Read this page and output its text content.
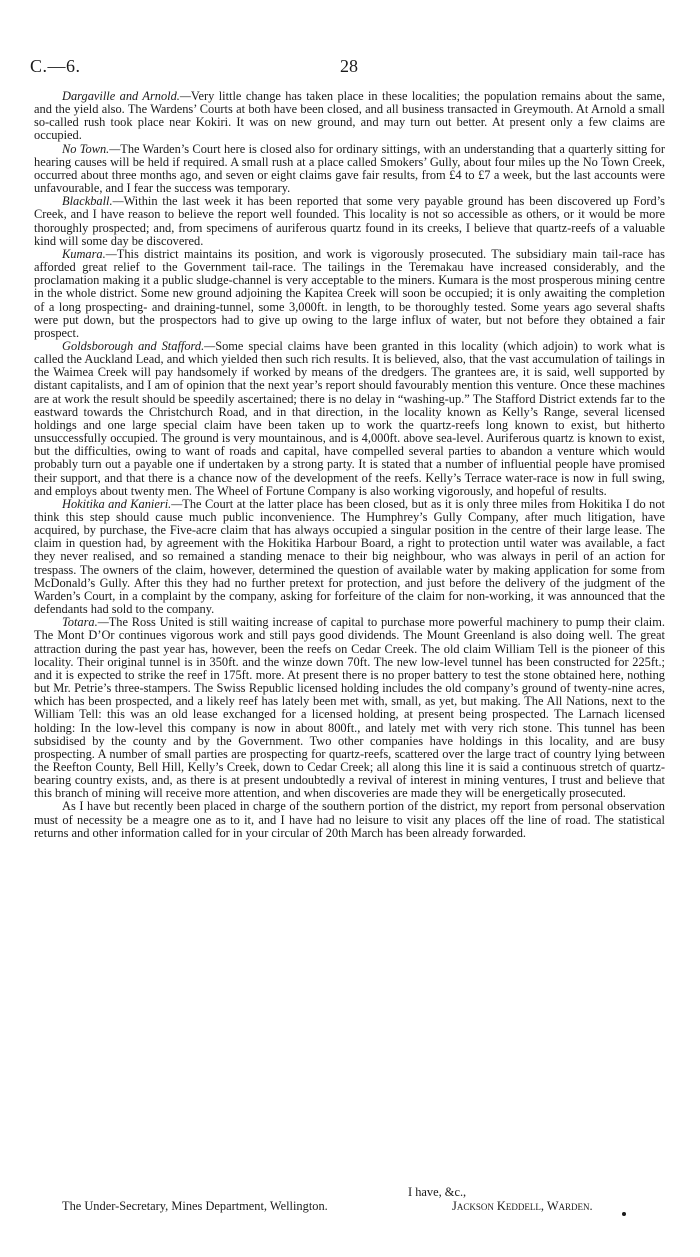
C.—6.	28

Dargaville and Arnold.—Very little change has taken place in these localities; the population remains about the same, and the yield also. The Wardens’ Courts at both have been closed, and all business transacted in Greymouth. At Arnold a small so-called rush took place near Kokiri. It was on new ground, and may turn out better. At present only a few claims are occupied.

No Town.—The Warden’s Court here is closed also for ordinary sittings, with an understanding that a quarterly sitting for hearing causes will be held if required. A small rush at a place called Smokers’ Gully, about four miles up the No Town Creek, occurred about three months ago, and seven or eight claims gave fair results, from £4 to £7 a week, but the last accounts were unfavourable, and I fear the success was temporary.

Blackball.—Within the last week it has been reported that some very payable ground has been discovered up Ford’s Creek, and I have reason to believe the report well founded. This locality is not so accessible as others, or it would be more thoroughly prospected; and, from specimens of auriferous quartz found in its creeks, I believe that quartz-reefs of a valuable kind will some day be discovered.

Kumara.—This district maintains its position, and work is vigorously prosecuted. The subsidiary main tail-race has afforded great relief to the Government tail-race. The tailings in the Teremakau have increased considerably, and the proclamation making it a public sludge-channel is very acceptable to the miners. Kumara is the most prosperous mining centre in the whole district. Some new ground adjoining the Kapitea Creek will soon be occupied; it is only awaiting the completion of a long prospecting- and draining-tunnel, some 3,000ft. in length, to be thoroughly tested. Some years ago several shafts were put down, but the prospectors had to give up owing to the large influx of water, but not before they obtained a fair prospect.

Goldsborough and Stafford.—Some special claims have been granted in this locality (which adjoin) to work what is called the Auckland Lead, and which yielded then such rich results. It is believed, also, that the vast accumulation of tailings in the Waimea Creek will pay handsomely if worked by means of the dredgers. The grantees are, it is said, well supported by distant capitalists, and I am of opinion that the next year’s report should favourably mention this venture. Once these machines are at work the result should be speedily ascertained; there is no delay in “washing-up.” The Stafford District extends far to the eastward towards the Christchurch Road, and in that direction, in the locality known as Kelly’s Range, several licensed holdings and one large special claim have been taken up to work the quartz-reefs long known to exist, but hitherto unsuccessfully occupied. The ground is very mountainous, and is 4,000ft. above sea-level. Auriferous quartz is known to exist, but the difficulties, owing to want of roads and capital, have compelled several parties to abandon a venture which would probably turn out a payable one if undertaken by a strong party. It is stated that a number of influential people have promised their support, and that there is a chance now of the development of the reefs. Kelly’s Terrace water-race is now in full swing, and employs about twenty men. The Wheel of Fortune Company is also working vigorously, and hopeful of results.

Hokitika and Kanieri.—The Court at the latter place has been closed, but as it is only three miles from Hokitika I do not think this step should cause much public inconvenience. The Humphrey’s Gully Company, after much litigation, have acquired, by purchase, the Five-acre claim that has always occupied a singular position in the centre of their large lease. The claim in question had, by agreement with the Hokitika Harbour Board, a right to protection until water was available, a fact they never realised, and so remained a standing menace to their big neighbour, who was always in peril of an action for trespass. The owners of the claim, however, determined the question of available water by making application for some from McDonald’s Gully. After this they had no further pretext for protection, and just before the delivery of the judgment of the Warden’s Court, in a complaint by the company, asking for forfeiture of the claim for non-working, it was announced that the defendants had sold to the company.

Totara.—The Ross United is still waiting increase of capital to purchase more powerful machinery to pump their claim. The Mont D’Or continues vigorous work and still pays good dividends. The Mount Greenland is also doing well. The great attraction during the past year has, however, been the reefs on Cedar Creek. The old claim William Tell is the pioneer of this locality. Their original tunnel is in 350ft. and the winze down 70ft. The new low-level tunnel has been constructed for 225ft.; and it is expected to strike the reef in 175ft. more. At present there is no proper battery to test the stone obtained here, nothing but Mr. Petrie’s three-stampers. The Swiss Republic licensed holding includes the old company’s ground of twenty-nine acres, which has been prospected, and a likely reef has lately been met with, small, as yet, but making. The All Nations, next to the William Tell: this was an old lease exchanged for a licensed holding, at present being prospected. The Larnach licensed holding: In the low-level this company is now in about 800ft., and lately met with very rich stone. This tunnel has been subsidised by the county and by the Government. Two other companies have holdings in this locality, and are busy prospecting. A number of small parties are prospecting for quartz-reefs, scattered over the large tract of country lying between the Reefton County, Bell Hill, Kelly’s Creek, down to Cedar Creek; all along this line it is said a continuous stretch of quartz-bearing country exists, and, as there is at present undoubtedly a revival of interest in mining ventures, I trust and believe that this branch of mining will receive more attention, and when discoveries are made they will be energetically prosecuted.

As I have but recently been placed in charge of the southern portion of the district, my report from personal observation must of necessity be a meagre one as to it, and I have had no leisure to visit any places off the line of road. The statistical returns and other information called for in your circular of 20th March has been already forwarded.

I have, &c.,
The Under-Secretary, Mines Department, Wellington.	Jackson Keddell, Warden.
